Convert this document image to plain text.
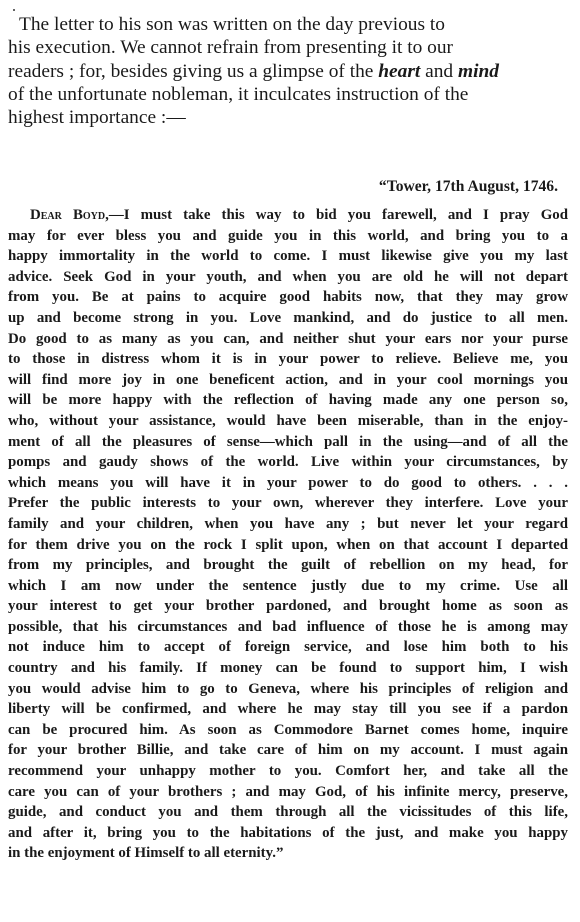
The letter to his son was written on the day previous to
his execution. We cannot refrain from presenting it to our
readers ; for, besides giving us a glimpse of the heart and mind
of the unfortunate nobleman, it inculcates instruction of the
highest importance :—

“Tower, 17th August, 1746.

Dear Boyd,—I must take this way to bid you farewell, and I pray God
may for ever bless you and guide you in this world, and bring you to a
happy immortality in the world to come. I must likewise give you my last
advice. Seek God in your youth, and when you are old he will not depart
from you. Be at pains to acquire good habits now, that they may grow
up and become strong in you. Love mankind, and do justice to all men.
Do good to as many as you can, and neither shut your ears nor your purse
to those in distress whom it is in your power to relieve. Believe me, you
will find more joy in one beneficent action, and in your cool mornings you
will be more happy with the reflection of having made any one person so,
who, without your assistance, would have been miserable, than in the enjoy-
ment of all the pleasures of sense—which pall in the using—and of all the
pomps and gaudy shows of the world. Live within your circumstances, by
which means you will have it in your power to do good to others. . . .
Prefer the public interests to your own, wherever they interfere. Love your
family and your children, when you have any ; but never let your regard
for them drive you on the rock I split upon, when on that account I departed
from my principles, and brought the guilt of rebellion on my head, for
which I am now under the sentence justly due to my crime. Use all
your interest to get your brother pardoned, and brought home as soon as
possible, that his circumstances and bad influence of those he is among may
not induce him to accept of foreign service, and lose him both to his
country and his family. If money can be found to support him, I wish
you would advise him to go to Geneva, where his principles of religion and
liberty will be confirmed, and where he may stay till you see if a pardon
can be procured him. As soon as Commodore Barnet comes home, inquire
for your brother Billie, and take care of him on my account. I must again
recommend your unhappy mother to you. Comfort her, and take all the
care you can of your brothers ; and may God, of his infinite mercy, preserve,
guide, and conduct you and them through all the vicissitudes of this life,
and after it, bring you to the habitations of the just, and make you happy
in the enjoyment of Himself to all eternity.”
